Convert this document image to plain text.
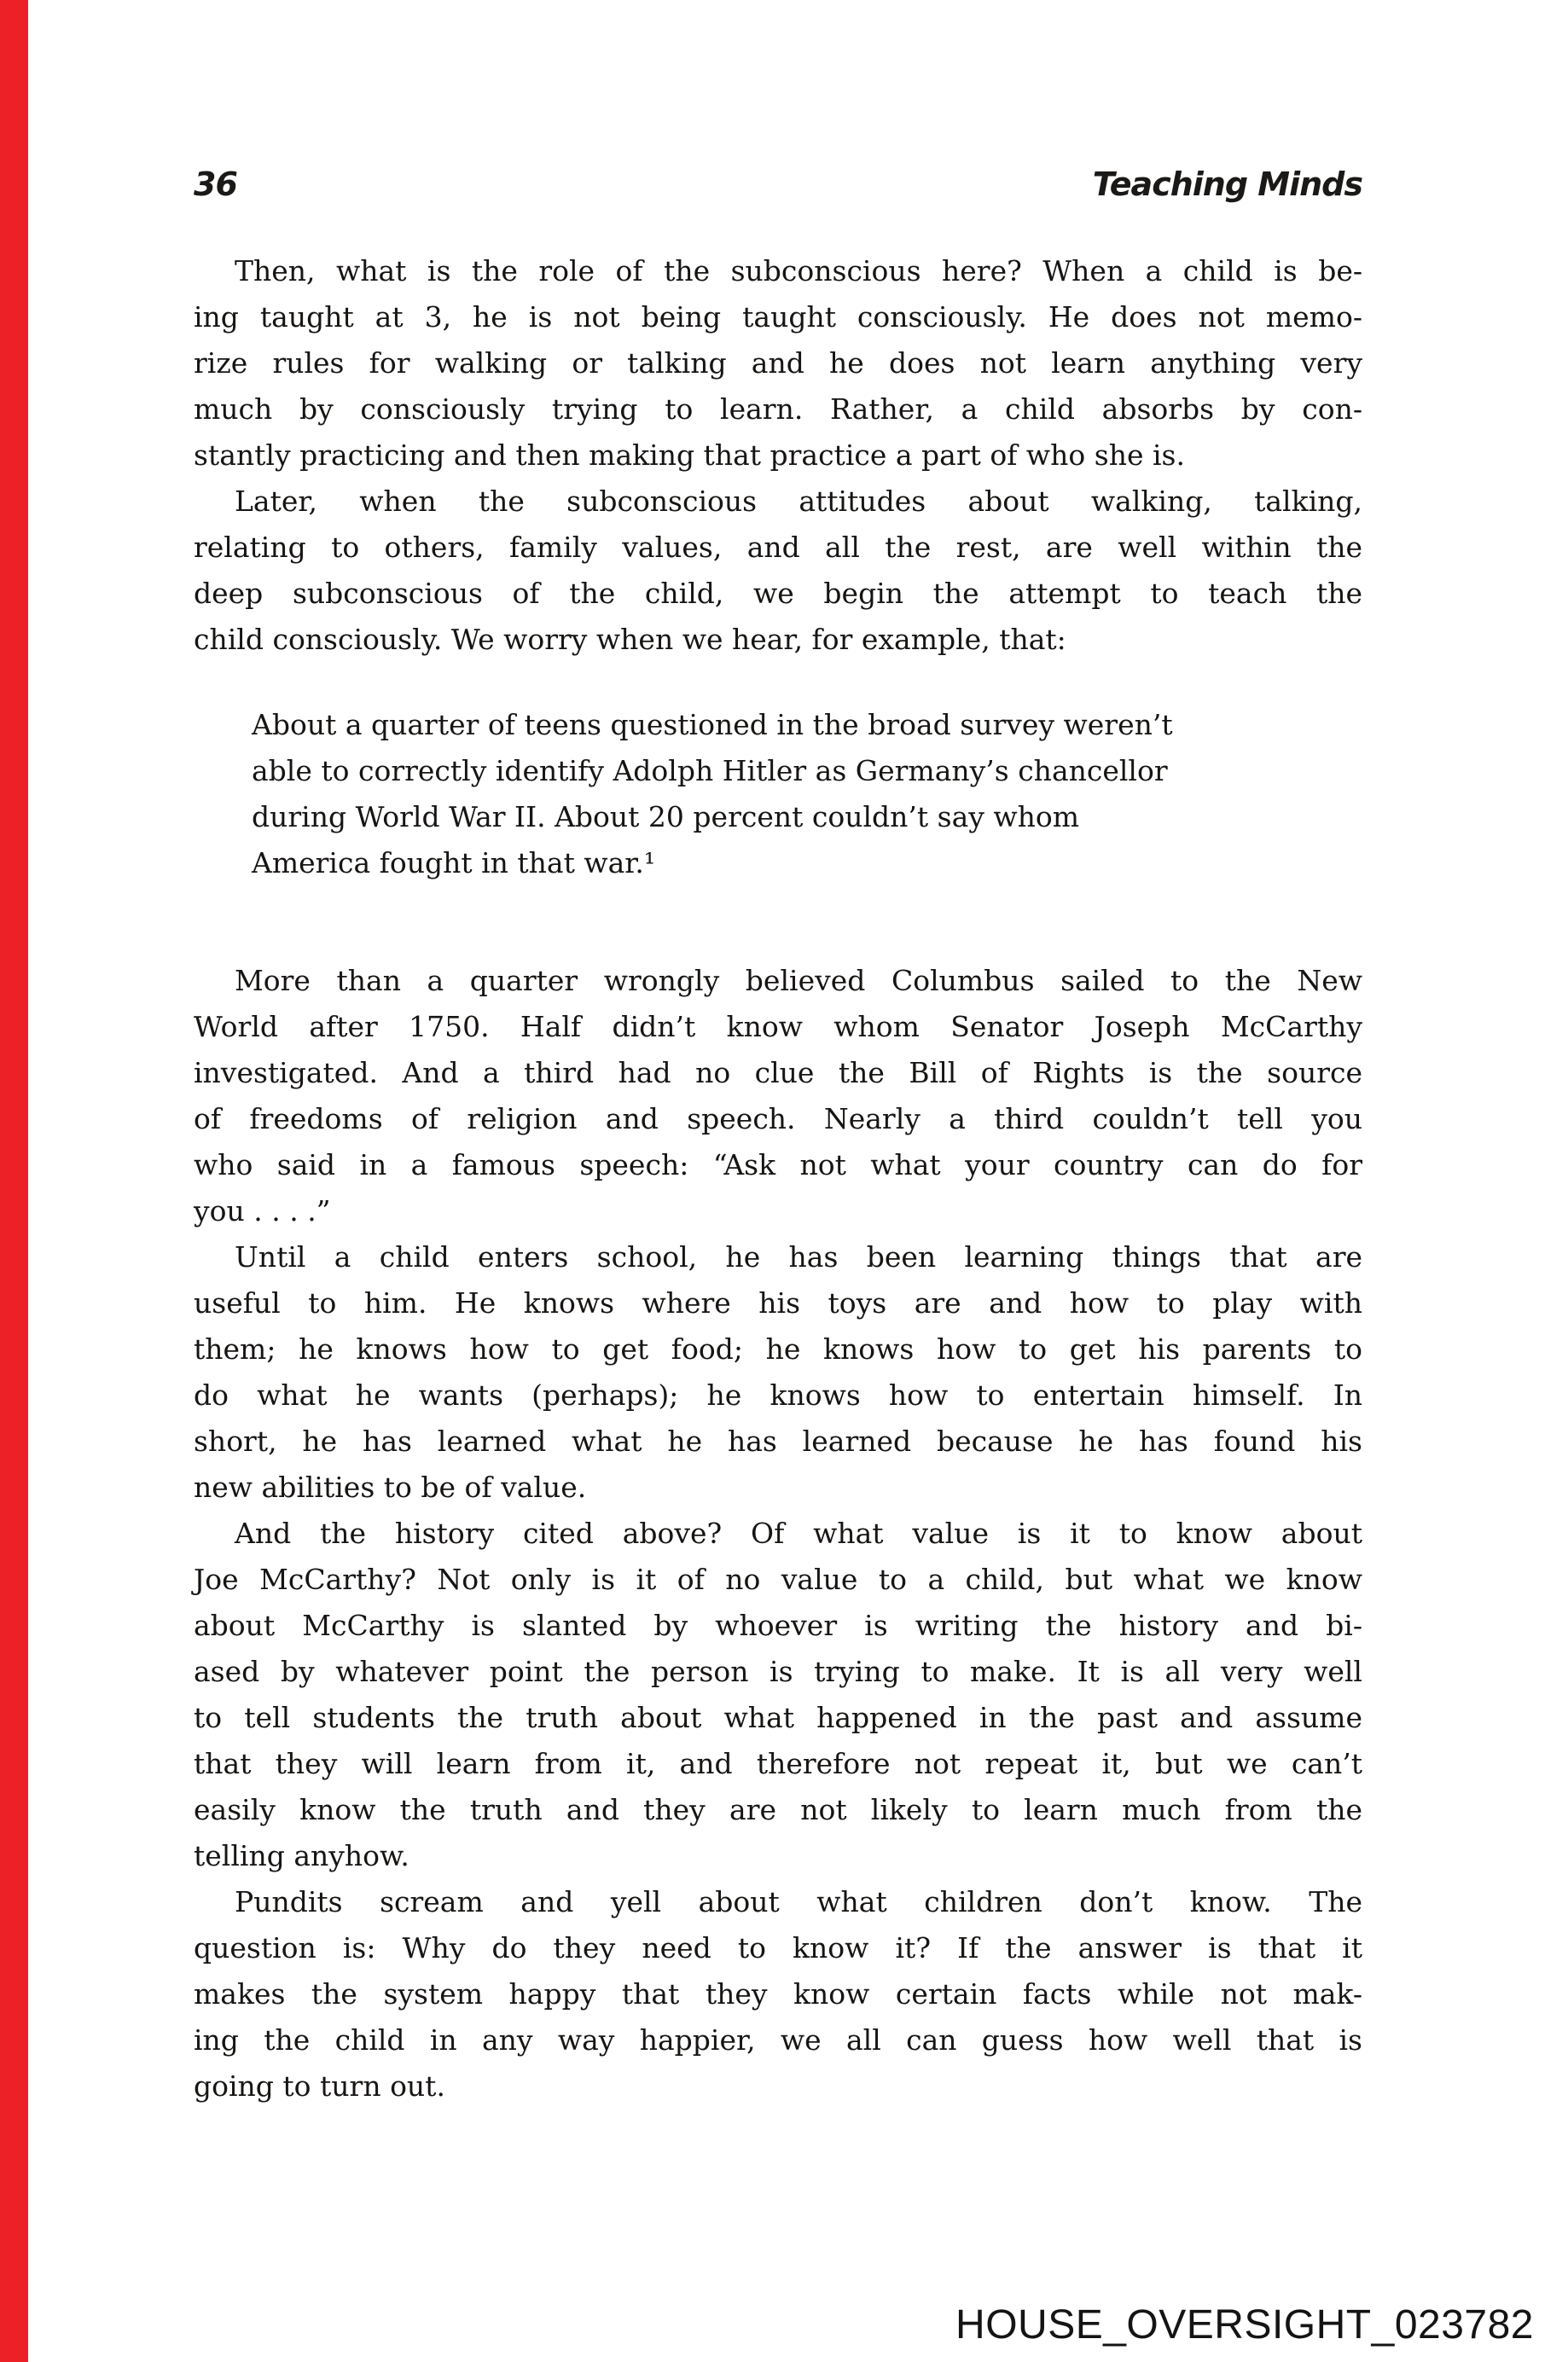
36	Teaching Minds
Then, what is the role of the subconscious here? When a child is be-
ing taught at 3, he is not being taught consciously. He does not memo-
rize rules for walking or talking and he does not learn anything very
much by consciously trying to learn. Rather, a child absorbs by con-
stantly practicing and then making that practice a part of who she is.
Later, when the subconscious attitudes about walking, talking,
relating to others, family values, and all the rest, are well within the
deep subconscious of the child, we begin the attempt to teach the
child consciously. We worry when we hear, for example, that:
About a quarter of teens questioned in the broad survey weren’t
able to correctly identify Adolph Hitler as Germany’s chancellor
during World War II. About 20 percent couldn’t say whom
America fought in that war.¹
More than a quarter wrongly believed Columbus sailed to the New
World after 1750. Half didn’t know whom Senator Joseph McCarthy
investigated. And a third had no clue the Bill of Rights is the source
of freedoms of religion and speech. Nearly a third couldn’t tell you
who said in a famous speech: “Ask not what your country can do for
you . . . .”
Until a child enters school, he has been learning things that are
useful to him. He knows where his toys are and how to play with
them; he knows how to get food; he knows how to get his parents to
do what he wants (perhaps); he knows how to entertain himself. In
short, he has learned what he has learned because he has found his
new abilities to be of value.
And the history cited above? Of what value is it to know about
Joe McCarthy? Not only is it of no value to a child, but what we know
about McCarthy is slanted by whoever is writing the history and bi-
ased by whatever point the person is trying to make. It is all very well
to tell students the truth about what happened in the past and assume
that they will learn from it, and therefore not repeat it, but we can’t
easily know the truth and they are not likely to learn much from the
telling anyhow.
Pundits scream and yell about what children don’t know. The
question is: Why do they need to know it? If the answer is that it
makes the system happy that they know certain facts while not mak-
ing the child in any way happier, we all can guess how well that is
going to turn out.
HOUSE_OVERSIGHT_023782
